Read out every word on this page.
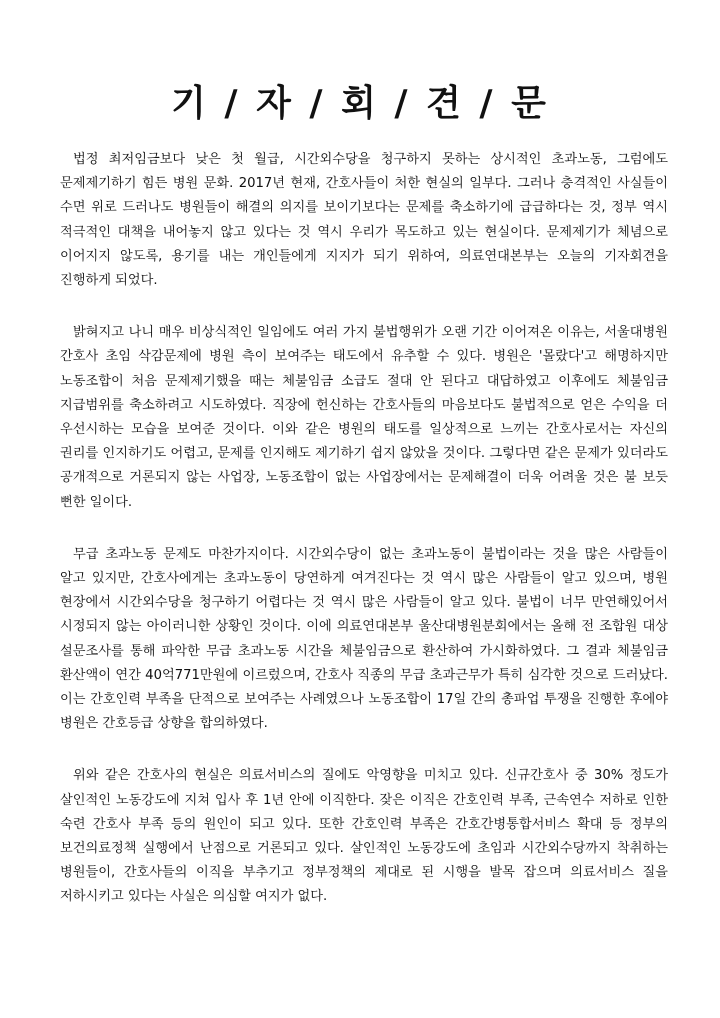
기 / 자 / 회 / 견 / 문

법정 최저임금보다 낮은 첫 월급, 시간외수당을 청구하지 못하는 상시적인 초과노동, 그럼에도 문제제기하기 힘든 병원 문화. 2017년 현재, 간호사들이 처한 현실의 일부다. 그러나 충격적인 사실들이 수면 위로 드러나도 병원들이 해결의 의지를 보이기보다는 문제를 축소하기에 급급하다는 것, 정부 역시 적극적인 대책을 내어놓지 않고 있다는 것 역시 우리가 목도하고 있는 현실이다. 문제제기가 체념으로 이어지지 않도록, 용기를 내는 개인들에게 지지가 되기 위하여, 의료연대본부는 오늘의 기자회견을 진행하게 되었다.

밝혀지고 나니 매우 비상식적인 일임에도 여러 가지 불법행위가 오랜 기간 이어져온 이유는, 서울대병원 간호사 초임 삭감문제에 병원 측이 보여주는 태도에서 유추할 수 있다. 병원은 '몰랐다'고 해명하지만 노동조합이 처음 문제제기했을 때는 체불임금 소급도 절대 안 된다고 대답하였고 이후에도 체불임금 지급범위를 축소하려고 시도하였다. 직장에 헌신하는 간호사들의 마음보다도 불법적으로 얻은 수익을 더 우선시하는 모습을 보여준 것이다. 이와 같은 병원의 태도를 일상적으로 느끼는 간호사로서는 자신의 권리를 인지하기도 어렵고, 문제를 인지해도 제기하기 쉽지 않았을 것이다. 그렇다면 같은 문제가 있더라도 공개적으로 거론되지 않는 사업장, 노동조합이 없는 사업장에서는 문제해결이 더욱 어려울 것은 불 보듯 뻔한 일이다.

무급 초과노동 문제도 마찬가지이다. 시간외수당이 없는 초과노동이 불법이라는 것을 많은 사람들이 알고 있지만, 간호사에게는 초과노동이 당연하게 여겨진다는 것 역시 많은 사람들이 알고 있으며, 병원 현장에서 시간외수당을 청구하기 어렵다는 것 역시 많은 사람들이 알고 있다. 불법이 너무 만연해있어서 시정되지 않는 아이러니한 상황인 것이다. 이에 의료연대본부 울산대병원분회에서는 올해 전 조합원 대상 설문조사를 통해 파악한 무급 초과노동 시간을 체불임금으로 환산하여 가시화하였다. 그 결과 체불임금 환산액이 연간 40억771만원에 이르렀으며, 간호사 직종의 무급 초과근무가 특히 심각한 것으로 드러났다. 이는 간호인력 부족을 단적으로 보여주는 사례였으나 노동조합이 17일 간의 총파업 투쟁을 진행한 후에야 병원은 간호등급 상향을 합의하였다.

위와 같은 간호사의 현실은 의료서비스의 질에도 악영향을 미치고 있다. 신규간호사 중 30% 정도가 살인적인 노동강도에 지쳐 입사 후 1년 안에 이직한다. 잦은 이직은 간호인력 부족, 근속연수 저하로 인한 숙련 간호사 부족 등의 원인이 되고 있다. 또한 간호인력 부족은 간호간병통합서비스 확대 등 정부의 보건의료정책 실행에서 난점으로 거론되고 있다. 살인적인 노동강도에 초임과 시간외수당까지 착취하는 병원들이, 간호사들의 이직을 부추기고 정부정책의 제대로 된 시행을 발목 잡으며 의료서비스 질을 저하시키고 있다는 사실은 의심할 여지가 없다.
